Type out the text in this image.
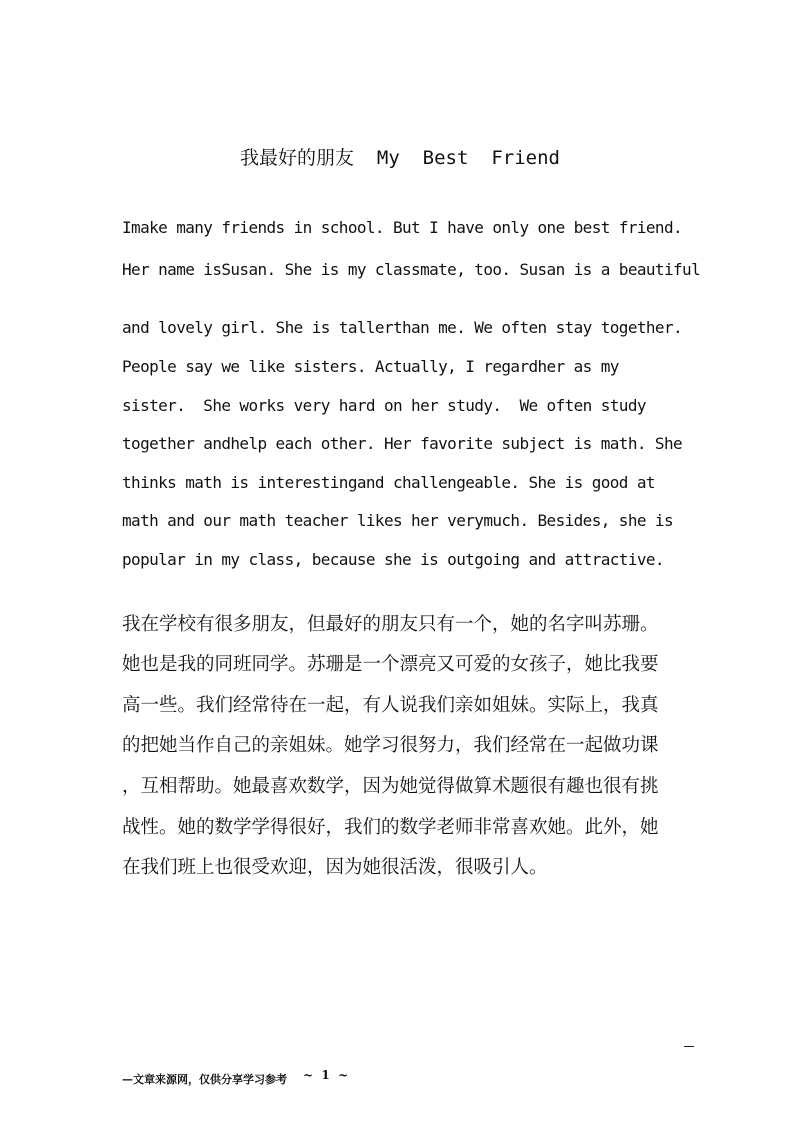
我最好的朋友  My  Best  Friend
Imake many friends in school. But I have only one best friend.
Her name isSusan. She is my classmate, too. Susan is a beautiful
and lovely girl. She is tallerthan me. We often stay together.
People say we like sisters. Actually, I regardher as my
sister.  She works very hard on her study.  We often study
together andhelp each other. Her favorite subject is math. She
thinks math is interestingand challengeable. She is good at
math and our math teacher likes her verymuch. Besides, she is
popular in my class, because she is outgoing and attractive.
我在学校有很多朋友，但最好的朋友只有一个，她的名字叫苏珊。
她也是我的同班同学。苏珊是一个漂亮又可爱的女孩子，她比我要
高一些。我们经常待在一起，有人说我们亲如姐妹。实际上，我真
的把她当作自己的亲姐妹。她学习很努力，我们经常在一起做功课
，互相帮助。她最喜欢数学，因为她觉得做算术题很有趣也很有挑
战性。她的数学学得很好，我们的数学老师非常喜欢她。此外，她
在我们班上也很受欢迎，因为她很活泼，很吸引人。
—文章来源网，仅供分享学习参考 ~  1  ~
